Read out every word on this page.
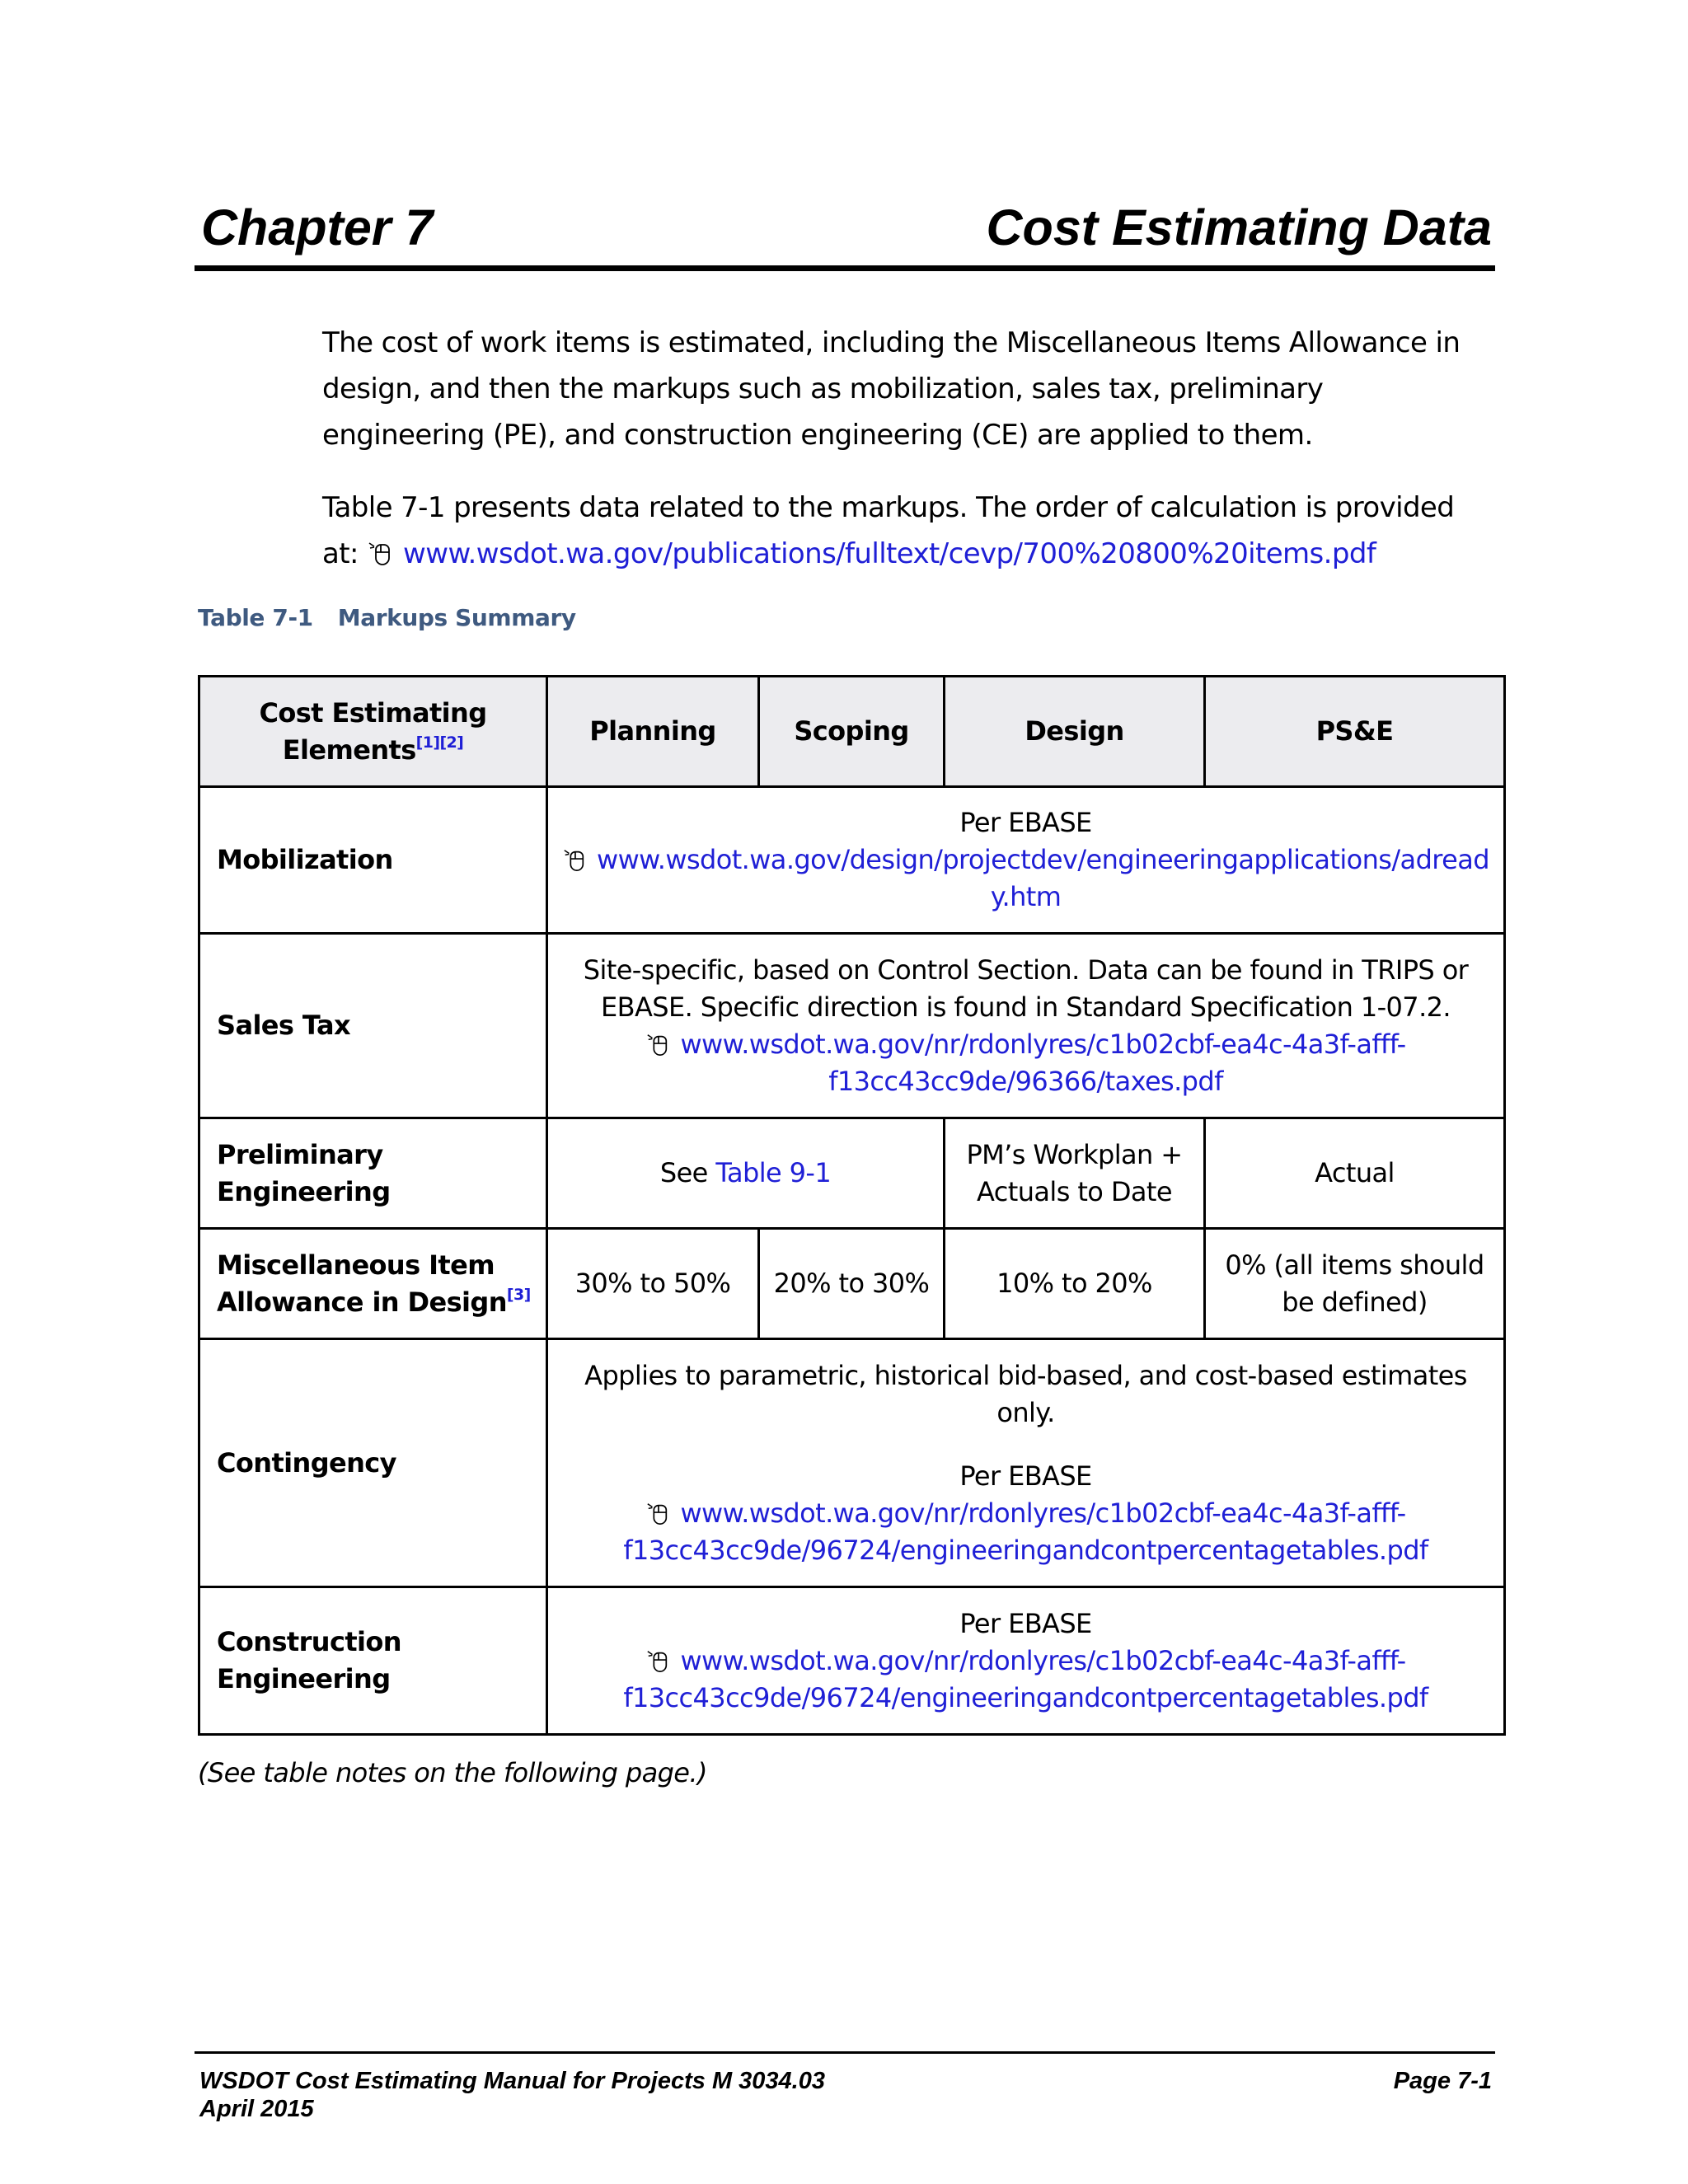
Chapter 7	Cost Estimating Data

The cost of work items is estimated, including the Miscellaneous Items Allowance in design, and then the markups such as mobilization, sales tax, preliminary engineering (PE), and construction engineering (CE) are applied to them.

Table 7-1 presents data related to the markups. The order of calculation is provided at: www.wsdot.wa.gov/publications/fulltext/cevp/700%20800%20items.pdf

Table 7-1 Markups Summary
Cost Estimating Elements[1][2]	Planning	Scoping	Design	PS&E
Mobilization	Per EBASE
www.wsdot.wa.gov/design/projectdev/engineeringapplications/adready.htm			

Sales Tax	Site-specific, based on Control Section. Data can be found in TRIPS or EBASE. Specific direction is found in Standard Specification 1-07.2.
www.wsdot.wa.gov/nr/rdonlyres/c1b02cbf-ea4c-4a3f-afff-
f13cc43cc9de/96366/taxes.pdf			

Preliminary Engineering	See Table 9-1		PM’s Workplan + Actuals to Date	Actual
Miscellaneous Item Allowance in Design[3]	30% to 50%	20% to 30%	10% to 20%	0% (all items should be defined)
Contingency	Applies to parametric, historical bid-based, and cost-based estimates only.

Per EBASE
www.wsdot.wa.gov/nr/rdonlyres/c1b02cbf-ea4c-4a3f-afff-
f13cc43cc9de/96724/engineeringandcontpercentagetables.pdf			

Construction Engineering	Per EBASE
www.wsdot.wa.gov/nr/rdonlyres/c1b02cbf-ea4c-4a3f-afff-
f13cc43cc9de/96724/engineeringandcontpercentagetables.pdf			
(See table notes on the following page.)
WSDOT Cost Estimating Manual for Projects M 3034.03
April 2015
Page 7-1
